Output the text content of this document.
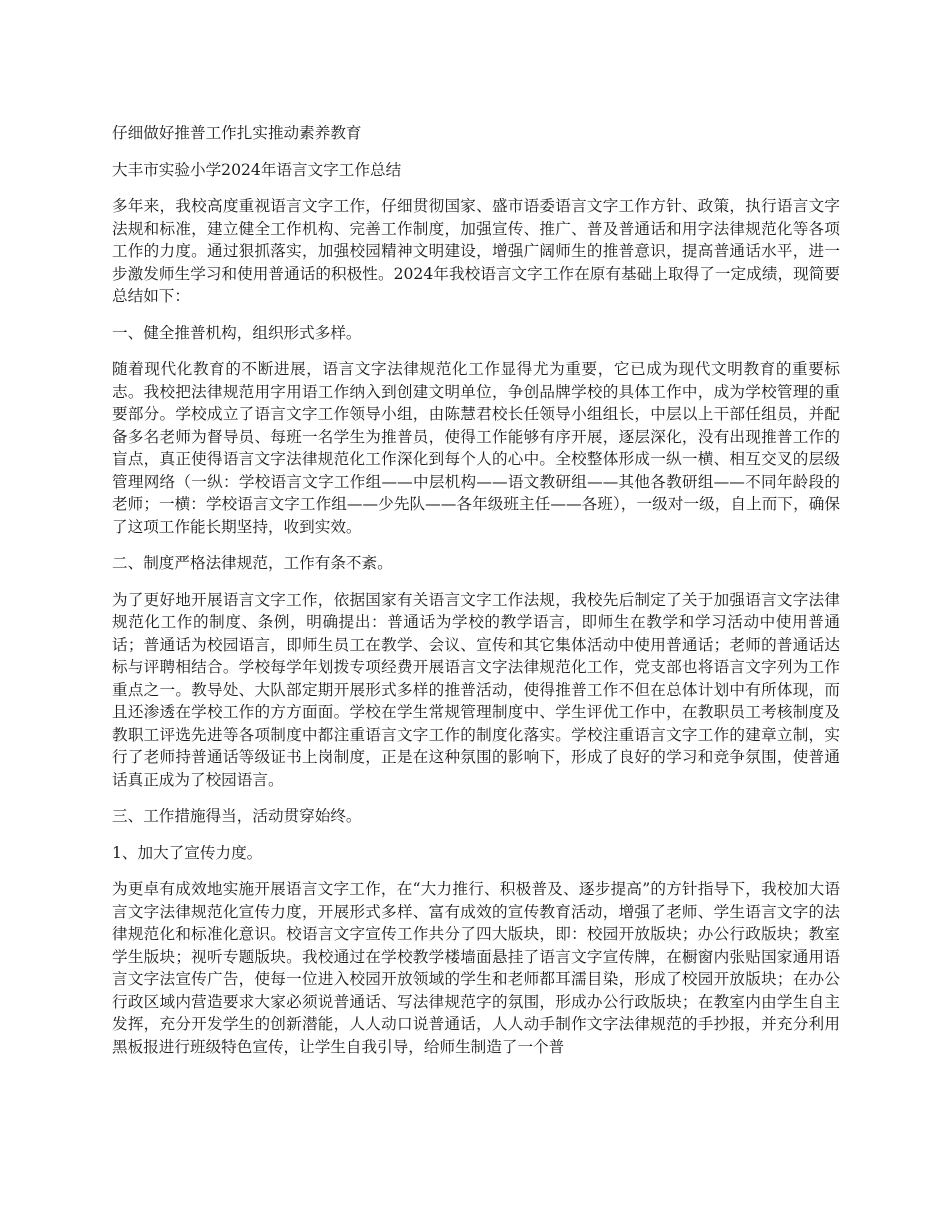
仔细做好推普工作扎实推动素养教育

大丰市实验小学2024年语言文字工作总结

多年来，我校高度重视语言文字工作，仔细贯彻国家、盛市语委语言文字工作方针、政策，执行语言文字法规和标准，建立健全工作机构、完善工作制度，加强宣传、推广、普及普通话和用字法律规范化等各项工作的力度。通过狠抓落实，加强校园精神文明建设，增强广阔师生的推普意识，提高普通话水平，进一步激发师生学习和使用普通话的积极性。2024年我校语言文字工作在原有基础上取得了一定成绩，现简要总结如下：

一、健全推普机构，组织形式多样。

随着现代化教育的不断进展，语言文字法律规范化工作显得尤为重要，它已成为现代文明教育的重要标志。我校把法律规范用字用语工作纳入到创建文明单位，争创品牌学校的具体工作中，成为学校管理的重要部分。学校成立了语言文字工作领导小组，由陈慧君校长任领导小组组长，中层以上干部任组员，并配备多名老师为督导员、每班一名学生为推普员，使得工作能够有序开展，逐层深化，没有出现推普工作的盲点，真正使得语言文字法律规范化工作深化到每个人的心中。全校整体形成一纵一横、相互交叉的层级管理网络（一纵：学校语言文字工作组——中层机构——语文教研组——其他各教研组——不同年龄段的老师；一横：学校语言文字工作组——少先队——各年级班主任——各班），一级对一级，自上而下，确保了这项工作能长期坚持，收到实效。

二、制度严格法律规范，工作有条不紊。

为了更好地开展语言文字工作，依据国家有关语言文字工作法规，我校先后制定了关于加强语言文字法律规范化工作的制度、条例，明确提出：普通话为学校的教学语言，即师生在教学和学习活动中使用普通话；普通话为校园语言，即师生员工在教学、会议、宣传和其它集体活动中使用普通话；老师的普通话达标与评聘相结合。学校每学年划拨专项经费开展语言文字法律规范化工作，党支部也将语言文字列为工作重点之一。教导处、大队部定期开展形式多样的推普活动，使得推普工作不但在总体计划中有所体现，而且还渗透在学校工作的方方面面。学校在学生常规管理制度中、学生评优工作中，在教职员工考核制度及教职工评选先进等各项制度中都注重语言文字工作的制度化落实。学校注重语言文字工作的建章立制，实行了老师持普通话等级证书上岗制度，正是在这种氛围的影响下，形成了良好的学习和竞争氛围，使普通话真正成为了校园语言。

三、工作措施得当，活动贯穿始终。

1、加大了宣传力度。

为更卓有成效地实施开展语言文字工作，在“大力推行、积极普及、逐步提高”的方针指导下，我校加大语言文字法律规范化宣传力度，开展形式多样、富有成效的宣传教育活动，增强了老师、学生语言文字的法律规范化和标准化意识。校语言文字宣传工作共分了四大版块，即：校园开放版块；办公行政版块；教室学生版块；视听专题版块。我校通过在学校教学楼墙面悬挂了语言文字宣传牌，在橱窗内张贴国家通用语言文字法宣传广告，使每一位进入校园开放领域的学生和老师都耳濡目染，形成了校园开放版块；在办公行政区域内营造要求大家必须说普通话、写法律规范字的氛围，形成办公行政版块；在教室内由学生自主发挥，充分开发学生的创新潜能，人人动口说普通话，人人动手制作文字法律规范的手抄报，并充分利用黑板报进行班级特色宣传，让学生自我引导，给师生制造了一个普
